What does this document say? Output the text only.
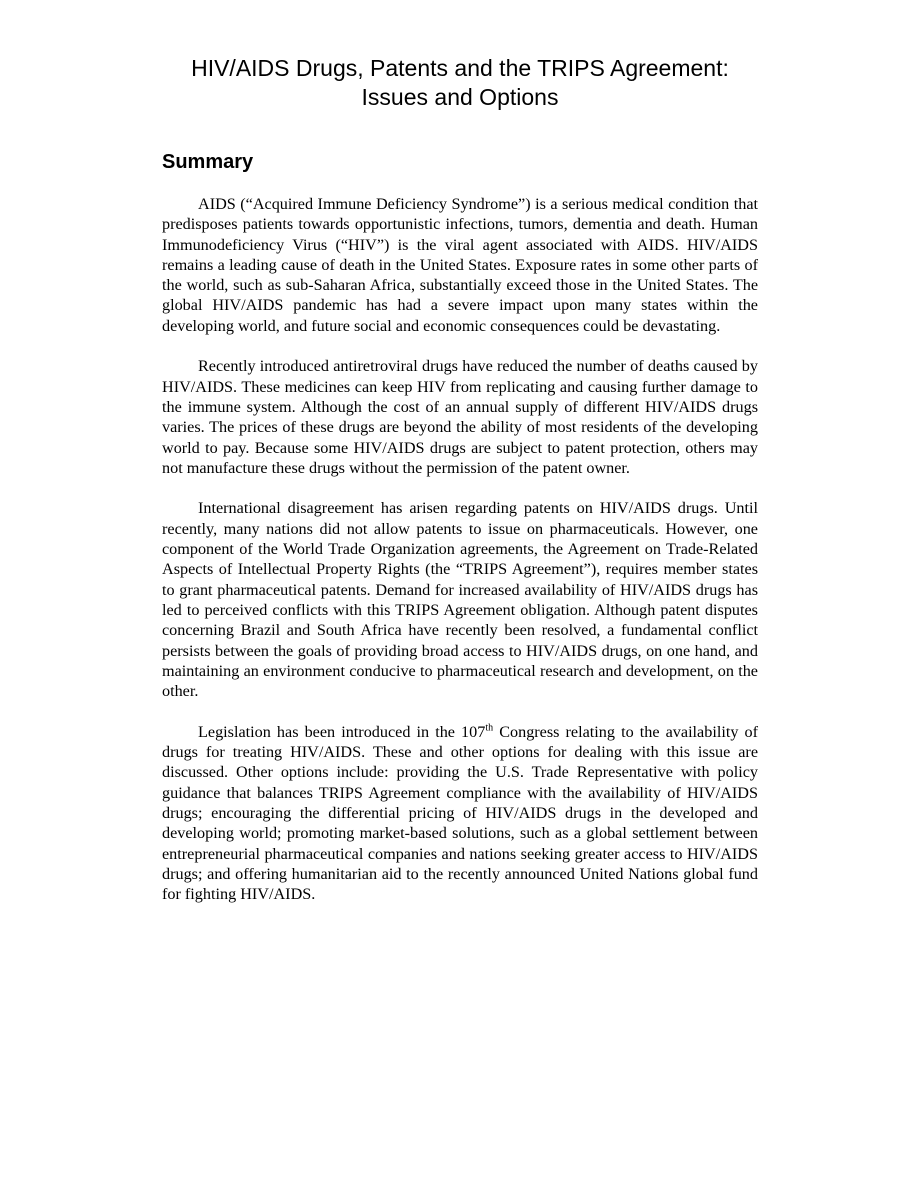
HIV/AIDS Drugs, Patents and the TRIPS Agreement:
Issues and Options
Summary

AIDS (“Acquired Immune Deficiency Syndrome”) is a serious medical condition that predisposes patients towards opportunistic infections, tumors, dementia and death. Human Immunodeficiency Virus (“HIV”) is the viral agent associated with AIDS. HIV/AIDS remains a leading cause of death in the United States. Exposure rates in some other parts of the world, such as sub-Saharan Africa, substantially exceed those in the United States. The global HIV/AIDS pandemic has had a severe impact upon many states within the developing world, and future social and economic consequences could be devastating.

Recently introduced antiretroviral drugs have reduced the number of deaths caused by HIV/AIDS. These medicines can keep HIV from replicating and causing further damage to the immune system. Although the cost of an annual supply of different HIV/AIDS drugs varies. The prices of these drugs are beyond the ability of most residents of the developing world to pay. Because some HIV/AIDS drugs are subject to patent protection, others may not manufacture these drugs without the permission of the patent owner.

International disagreement has arisen regarding patents on HIV/AIDS drugs. Until recently, many nations did not allow patents to issue on pharmaceuticals. However, one component of the World Trade Organization agreements, the Agreement on Trade-Related Aspects of Intellectual Property Rights (the “TRIPS Agreement”), requires member states to grant pharmaceutical patents. Demand for increased availability of HIV/AIDS drugs has led to perceived conflicts with this TRIPS Agreement obligation. Although patent disputes concerning Brazil and South Africa have recently been resolved, a fundamental conflict persists between the goals of providing broad access to HIV/AIDS drugs, on one hand, and maintaining an environment conducive to pharmaceutical research and development, on the other.

Legislation has been introduced in the 107th Congress relating to the availability of drugs for treating HIV/AIDS. These and other options for dealing with this issue are discussed. Other options include: providing the U.S. Trade Representative with policy guidance that balances TRIPS Agreement compliance with the availability of HIV/AIDS drugs; encouraging the differential pricing of HIV/AIDS drugs in the developed and developing world; promoting market-based solutions, such as a global settlement between entrepreneurial pharmaceutical companies and nations seeking greater access to HIV/AIDS drugs; and offering humanitarian aid to the recently announced United Nations global fund for fighting HIV/AIDS.
